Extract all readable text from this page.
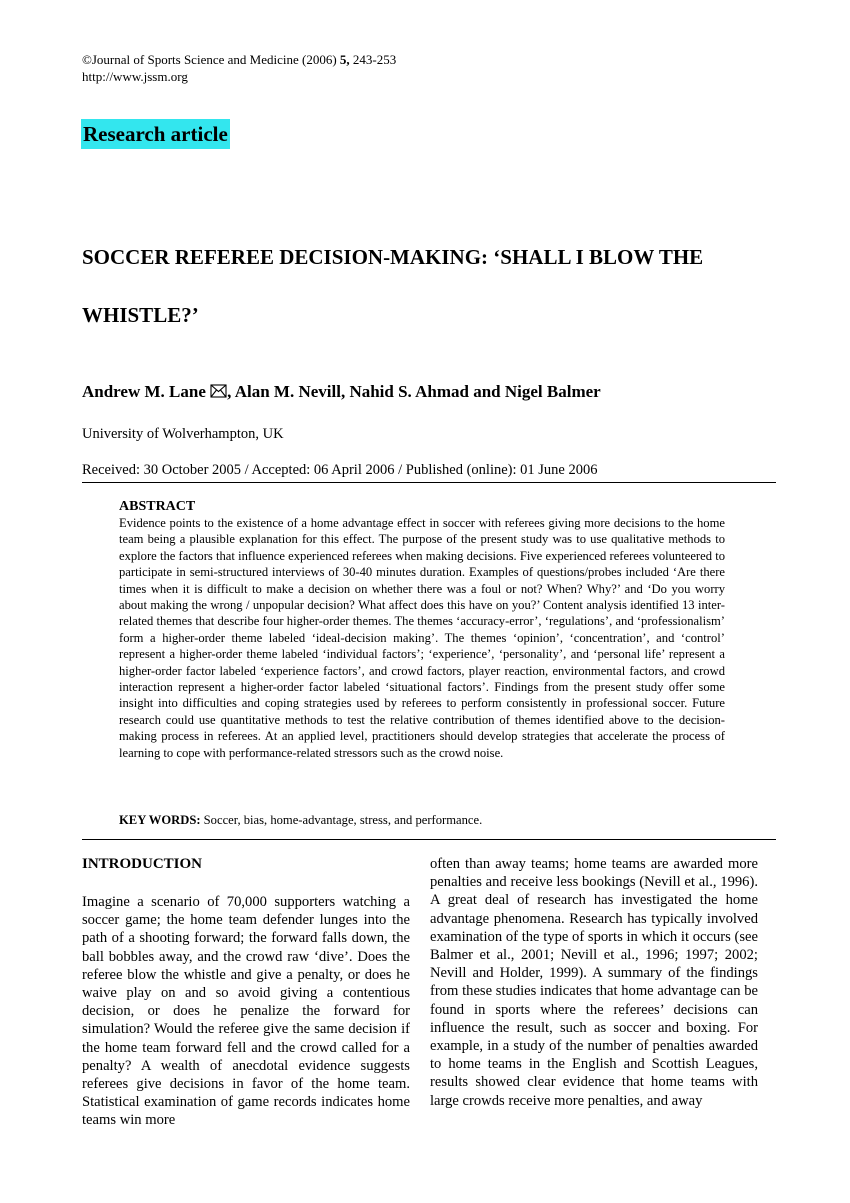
©Journal of Sports Science and Medicine (2006) 5, 243-253
http://www.jssm.org
Research article
SOCCER REFEREE DECISION-MAKING: ‘SHALL I BLOW THE
WHISTLE?’
Andrew M. Lane , Alan M. Nevill, Nahid S. Ahmad and Nigel Balmer
University of Wolverhampton, UK
Received: 30 October 2005 / Accepted: 06 April 2006 / Published (online): 01 June 2006
ABSTRACT
Evidence points to the existence of a home advantage effect in soccer with referees giving more decisions to the home team being a plausible explanation for this effect. The purpose of the present study was to use qualitative methods to explore the factors that influence experienced referees when making decisions. Five experienced referees volunteered to participate in semi-structured interviews of 30-40 minutes duration. Examples of questions/probes included ‘Are there times when it is difficult to make a decision on whether there was a foul or not? When? Why?’ and ‘Do you worry about making the wrong / unpopular decision? What affect does this have on you?’ Content analysis identified 13 inter-related themes that describe four higher-order themes. The themes ‘accuracy-error’, ‘regulations’, and ‘professionalism’ form a higher-order theme labeled ‘ideal-decision making’. The themes ‘opinion’, ‘concentration’, and ‘control’ represent a higher-order theme labeled ‘individual factors’; ‘experience’, ‘personality’, and ‘personal life’ represent a higher-order factor labeled ‘experience factors’, and crowd factors, player reaction, environmental factors, and crowd interaction represent a higher-order factor labeled ‘situational factors’. Findings from the present study offer some insight into difficulties and coping strategies used by referees to perform consistently in professional soccer. Future research could use quantitative methods to test the relative contribution of themes identified above to the decision-making process in referees. At an applied level, practitioners should develop strategies that accelerate the process of learning to cope with performance-related stressors such as the crowd noise.
KEY WORDS: Soccer, bias, home-advantage, stress, and performance.
INTRODUCTION
Imagine a scenario of 70,000 supporters watching a soccer game; the home team defender lunges into the path of a shooting forward; the forward falls down, the ball bobbles away, and the crowd raw ‘dive’. Does the referee blow the whistle and give a penalty, or does he waive play on and so avoid giving a contentious decision, or does he penalize the forward for simulation? Would the referee give the same decision if the home team forward fell and the crowd called for a penalty? A wealth of anecdotal evidence suggests referees give decisions in favor of the home team. Statistical examination of game records indicates home teams win more
often than away teams; home teams are awarded more penalties and receive less bookings (Nevill et al., 1996). A great deal of research has investigated the home advantage phenomena. Research has typically involved examination of the type of sports in which it occurs (see Balmer et al., 2001; Nevill et al., 1996; 1997; 2002; Nevill and Holder, 1999). A summary of the findings from these studies indicates that home advantage can be found in sports where the referees’ decisions can influence the result, such as soccer and boxing. For example, in a study of the number of penalties awarded to home teams in the English and Scottish Leagues, results showed clear evidence that home teams with large crowds receive more penalties, and away
